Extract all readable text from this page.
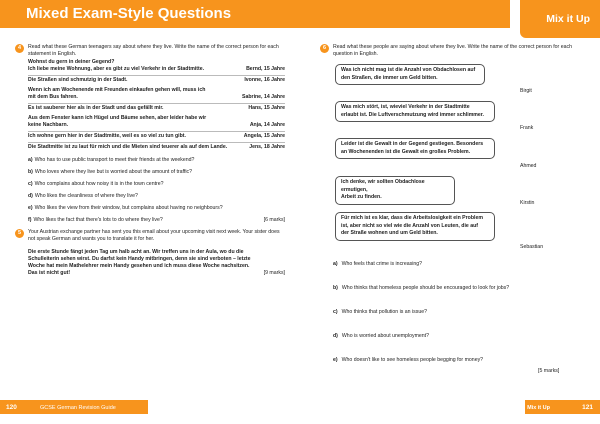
Mixed Exam-Style Questions	Mix it Up
4	Read what these German teenagers say about where they live. Write the name of the correct person for each statement in English.
Wohnst du gern in deiner Gegend?
Ich liebe meine Wohnung, aber es gibt zu viel Verkehr in der Stadtmitte.	Bernd, 15 Jahre
Die Straßen sind schmutzig in der Stadt.	Ivonne, 16 Jahre
Wenn ich am Wochenende mit Freunden einkaufen gehen will, muss ich
mit dem Bus fahren.	Sabrine, 14 Jahre
Es ist sauberer hier als in der Stadt und das gefällt mir.	Hans, 15 Jahre
Aus dem Fenster kann ich Hügel und Bäume sehen, aber leider habe wir
keine Nachbarn.	Anja, 14 Jahre
Ich wohne gern hier in der Stadtmitte, weil es so viel zu tun gibt.	Angela, 15 Jahre
Die Stadtmitte ist zu laut für mich und die Mieten sind teuerer als auf dem Lande.	Jens, 18 Jahre
a) Who has to use public transport to meet their friends at the weekend?
b) Who loves where they live but is worried about the amount of traffic?
c) Who complains about how noisy it is in the town centre?
d) Who likes the cleanliness of where they live?
e) Who likes the view from their window, but complains about having no neighbours?
f) Who likes the fact that there's lots to do where they live?	[6 marks]
5	Your Austrian exchange partner has sent you this email about your upcoming visit next week. Your sister does not speak German and wants you to translate it for her.
Die erste Stunde fängt jeden Tag um halb acht an. Wir treffen uns in der Aula, wo du die
Schulleiterin sehen wirst. Du darfst kein Handy mitbringen, denn sie sind verboten – letzte
Woche hat mein Mathelehrer mein Handy gesehen und ich muss diese Woche nachsitzen.
Das ist nicht gut!	[9 marks]
6	Read what these people are saying about where they live. Write the name of the correct person for each question in English.
Was ich nicht mag ist die Anzahl von Obdachlosen auf
den Straßen, die immer um Geld bitten.
Birgit
Was mich stört, ist, wieviel Verkehr in der Stadtmitte
erlaubt ist. Die Luftverschmutzung wird immer schlimmer.
Frank
Leider ist die Gewalt in der Gegend gestiegen. Besonders
an Wochenenden ist die Gewalt ein großes Problem.
Ahmed
Ich denke, wir sollten Obdachlose ermutigen,
Arbeit zu finden.
Kirstin
Für mich ist es klar, dass die Arbeitslosigkeit ein Problem
ist, aber nicht so viel wie die Anzahl von Leuten, die auf
der Straße wohnen und um Geld bitten.
Sebastian
a) Who feels that crime is increasing?
b) Who thinks that homeless people should be encouraged to look for jobs?
c) Who thinks that pollution is an issue?
d) Who is worried about unemployment?
e) Who doesn't like to see homeless people begging for money?
[5 marks]
120	GCSE German Revision Guide	Mix it Up	121
